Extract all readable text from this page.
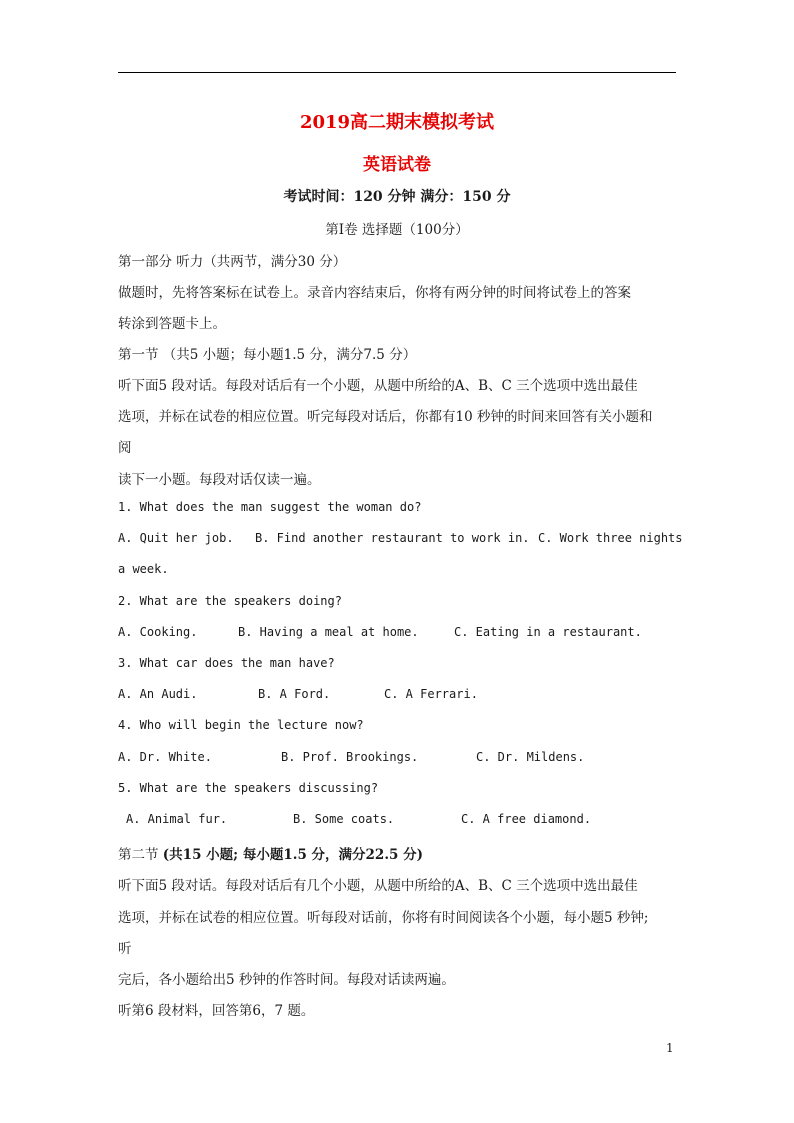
2019高二期末模拟考试
英语试卷
考试时间：120 分钟 满分：150 分
第Ⅰ卷 选择题（100分）
第一部分 听力（共两节，满分30 分）
做题时，先将答案标在试卷上。录音内容结束后，你将有两分钟的时间将试卷上的答案
转涂到答题卡上。
第一节 （共5 小题；每小题1.5 分，满分7.5 分）
听下面5 段对话。每段对话后有一个小题，从题中所给的A、B、C 三个选项中选出最佳
选项，并标在试卷的相应位置。听完每段对话后，你都有10 秒钟的时间来回答有关小题和
阅
读下一小题。每段对话仅读一遍。
1. What does the man suggest the woman do?
A. Quit her job. B. Find another restaurant to work in. C. Work three nights
a week.
2. What are the speakers doing?
A. Cooking.	B. Having a meal at home.	C. Eating in a restaurant.
3. What car does the man have?
A. An Audi.	B. A Ford.	C. A Ferrari.
4. Who will begin the lecture now?
A. Dr. White.	B. Prof. Brookings.	C. Dr. Mildens.
5. What are the speakers discussing?
A. Animal fur.	B. Some coats.	C. A free diamond.
第二节 (共15 小题; 每小题1.5 分，满分22.5 分)
听下面5 段对话。每段对话后有几个小题，从题中所给的A、B、C 三个选项中选出最佳
选项，并标在试卷的相应位置。听每段对话前，你将有时间阅读各个小题，每小题5 秒钟;
听
完后，各小题给出5 秒钟的作答时间。每段对话读两遍。
听第6 段材料，回答第6，7 题。
1
